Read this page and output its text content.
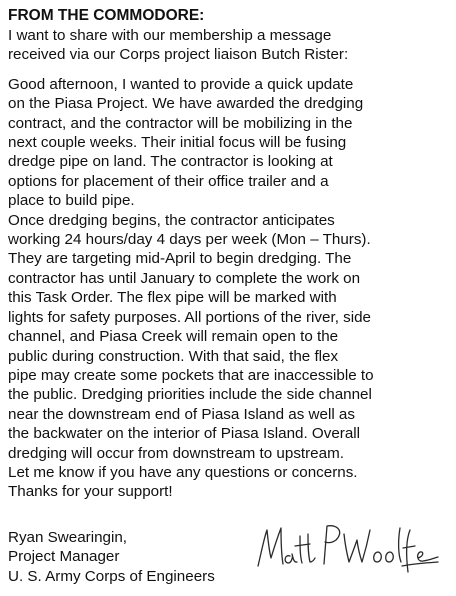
FROM THE COMMODORE:

I want to share with our membership a message

received via our Corps project liaison Butch Rister:

Good afternoon, I wanted to provide a quick update

on the Piasa Project. We have awarded the dredging

contract, and the contractor will be mobilizing in the

next couple weeks. Their initial focus will be fusing

dredge pipe on land. The contractor is looking at

options for placement of their office trailer and a

place to build pipe.

Once dredging begins, the contractor anticipates

working 24 hours/day 4 days per week (Mon – Thurs).

They are targeting mid-April to begin dredging. The

contractor has until January to complete the work on

this Task Order. The flex pipe will be marked with

lights for safety purposes. All portions of the river, side

channel, and Piasa Creek will remain open to the

public during construction. With that said, the flex

pipe may create some pockets that are inaccessible to

the public. Dredging priorities include the side channel

near the downstream end of Piasa Island as well as

the backwater on the interior of Piasa Island. Overall

dredging will occur from downstream to upstream.

Let me know if you have any questions or concerns.

Thanks for your support!

Ryan Swearingin,

Project Manager

U. S. Army Corps of Engineers
